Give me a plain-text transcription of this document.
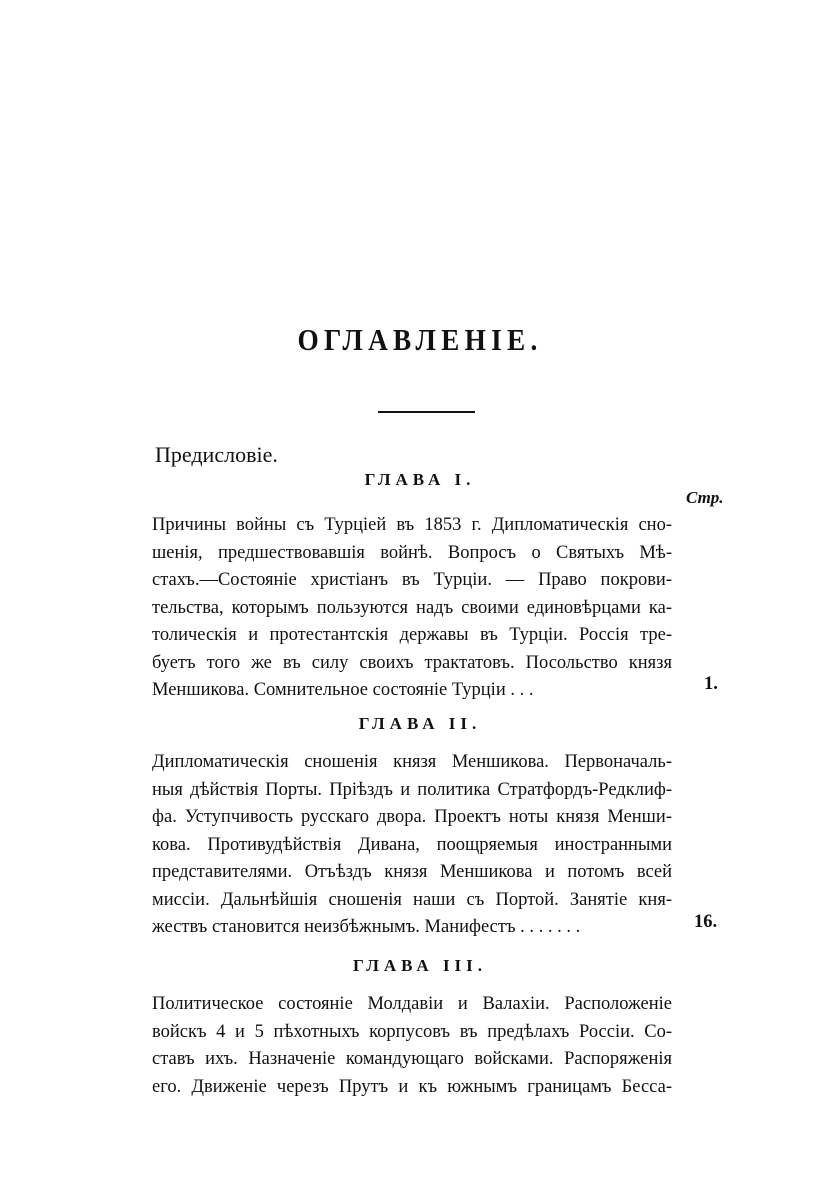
ОГЛАВЛЕНІЕ.
Предисловіе.
ГЛАВА I.
Стр.
Причины войны съ Турціей въ 1853 г. Дипломатическія сно-
шенія, предшествовавшія войнѣ. Вопросъ о Святыхъ Мѣ-
стахъ.—Состояніе христіанъ въ Турціи. — Право покрови-
тельства, которымъ пользуются надъ своими единовѣрцами ка-
толическія и протестантскія державы въ Турціи. Россія тре-
буетъ того же въ силу своихъ трактатовъ. Посольство князя
Меншикова. Сомнительное состояніе Турціи . . .	1.
ГЛАВА II.
Дипломатическія сношенія князя Меншикова. Первоначаль-
ныя дѣйствія Порты. Пріѣздъ и политика Стратфордъ-Редклиф-
фа. Уступчивость русскаго двора. Проектъ ноты князя Менши-
кова. Противудѣйствія Дивана, поощряемыя иностранными
представителями. Отъѣздъ князя Меншикова и потомъ всей
миссіи. Дальнѣйшія сношенія наши съ Портой. Занятіе кня-
жествъ становится неизбѣжнымъ. Манифестъ . . . . . . .	16.
ГЛАВА III.
Политическое состояніе Молдавіи и Валахіи. Расположеніе
войскъ 4 и 5 пѣхотныхъ корпусовъ въ предѣлахъ Россіи. Со-
ставъ ихъ. Назначеніе командующаго войсками. Распоряженія
его. Движеніе черезъ Прутъ и къ южнымъ границамъ Бесса-
